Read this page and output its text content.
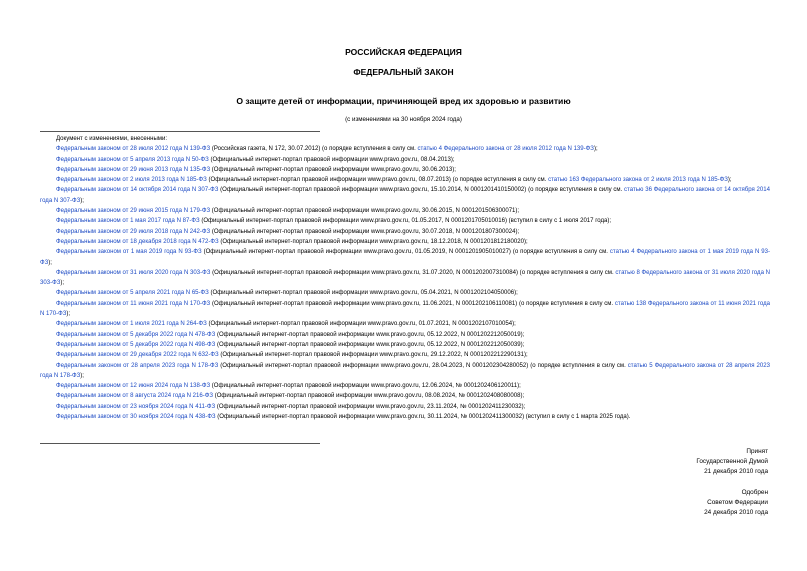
РОССИЙСКАЯ ФЕДЕРАЦИЯ
ФЕДЕРАЛЬНЫЙ ЗАКОН
О защите детей от информации, причиняющей вред их здоровью и развитию
(с изменениями на 30 ноября 2024 года)

Документ с изменениями, внесенными:

Федеральным законом от 28 июля 2012 года N 139-ФЗ (Российская газета, N 172, 30.07.2012) (о порядке вступления в силу см. статью 4 Федерального закона от 28 июля 2012 года N 139-ФЗ);

Федеральным законом от 5 апреля 2013 года N 50-ФЗ (Официальный интернет-портал правовой информации www.pravo.gov.ru, 08.04.2013);

Федеральным законом от 29 июня 2013 года N 135-ФЗ (Официальный интернет-портал правовой информации www.pravo.gov.ru, 30.06.2013);

Федеральным законом от 2 июля 2013 года N 185-ФЗ (Официальный интернет-портал правовой информации www.pravo.gov.ru, 08.07.2013) (о порядке вступления в силу см. статью 163 Федерального закона от 2 июля 2013 года N 185-ФЗ);

Федеральным законом от 14 октября 2014 года N 307-ФЗ (Официальный интернет-портал правовой информации www.pravo.gov.ru, 15.10.2014, N 0001201410150002) (о порядке вступления в силу см. статью 36 Федерального закона от 14 октября 2014 года N 307-ФЗ);

Федеральным законом от 29 июня 2015 года N 179-ФЗ (Официальный интернет-портал правовой информации www.pravo.gov.ru, 30.06.2015, N 0001201506300071);

Федеральным законом от 1 мая 2017 года N 87-ФЗ (Официальный интернет-портал правовой информации www.pravo.gov.ru, 01.05.2017, N 0001201705010016) (вступил в силу с 1 июля 2017 года);

Федеральным законом от 29 июля 2018 года N 242-ФЗ (Официальный интернет-портал правовой информации www.pravo.gov.ru, 30.07.2018, N 0001201807300024);

Федеральным законом от 18 декабря 2018 года N 472-ФЗ (Официальный интернет-портал правовой информации www.pravo.gov.ru, 18.12.2018, N 0001201812180020);

Федеральным законом от 1 мая 2019 года N 93-ФЗ (Официальный интернет-портал правовой информации www.pravo.gov.ru, 01.05.2019, N 0001201905010027) (о порядке вступления в силу см. статью 4 Федерального закона от 1 мая 2019 года N 93-ФЗ);

Федеральным законом от 31 июля 2020 года N 303-ФЗ (Официальный интернет-портал правовой информации www.pravo.gov.ru, 31.07.2020, N 0001202007310084) (о порядке вступления в силу см. статью 8 Федерального закона от 31 июля 2020 года N 303-ФЗ);

Федеральным законом от 5 апреля 2021 года N 65-ФЗ (Официальный интернет-портал правовой информации www.pravo.gov.ru, 05.04.2021, N 0001202104050006);

Федеральным законом от 11 июня 2021 года N 170-ФЗ (Официальный интернет-портал правовой информации www.pravo.gov.ru, 11.06.2021, N 0001202106110081) (о порядке вступления в силу см. статью 138 Федерального закона от 11 июня 2021 года N 170-ФЗ);

Федеральным законом от 1 июля 2021 года N 264-ФЗ (Официальный интернет-портал правовой информации www.pravo.gov.ru, 01.07.2021, N 0001202107010054);

Федеральным законом от 5 декабря 2022 года N 478-ФЗ (Официальный интернет-портал правовой информации www.pravo.gov.ru, 05.12.2022, N 0001202212050019);

Федеральным законом от 5 декабря 2022 года N 498-ФЗ (Официальный интернет-портал правовой информации www.pravo.gov.ru, 05.12.2022, N 0001202212050039);

Федеральным законом от 29 декабря 2022 года N 632-ФЗ (Официальный интернет-портал правовой информации www.pravo.gov.ru, 29.12.2022, N 0001202212290131);

Федеральным законом от 28 апреля 2023 года N 178-ФЗ (Официальный интернет-портал правовой информации www.pravo.gov.ru, 28.04.2023, N 0001202304280052) (о порядке вступления в силу см. статью 5 Федерального закона от 28 апреля 2023 года N 178-ФЗ);

Федеральным законом от 12 июня 2024 года N 138-ФЗ (Официальный интернет-портал правовой информации www.pravo.gov.ru, 12.06.2024, № 0001202406120011);

Федеральным законом от 8 августа 2024 года N 216-ФЗ (Официальный интернет-портал правовой информации www.pravo.gov.ru, 08.08.2024, № 0001202408080008);

Федеральным законом от 23 ноября 2024 года N 411-ФЗ (Официальный интернет-портал правовой информации www.pravo.gov.ru, 23.11.2024, № 0001202411230032);

Федеральным законом от 30 ноября 2024 года N 438-ФЗ (Официальный интернет-портал правовой информации www.pravo.gov.ru, 30.11.2024, № 0001202411300032) (вступил в силу с 1 марта 2025 года).

Принят
Государственной Думой
21 декабря 2010 года
Одобрен
Советом Федерации
24 декабря 2010 года
